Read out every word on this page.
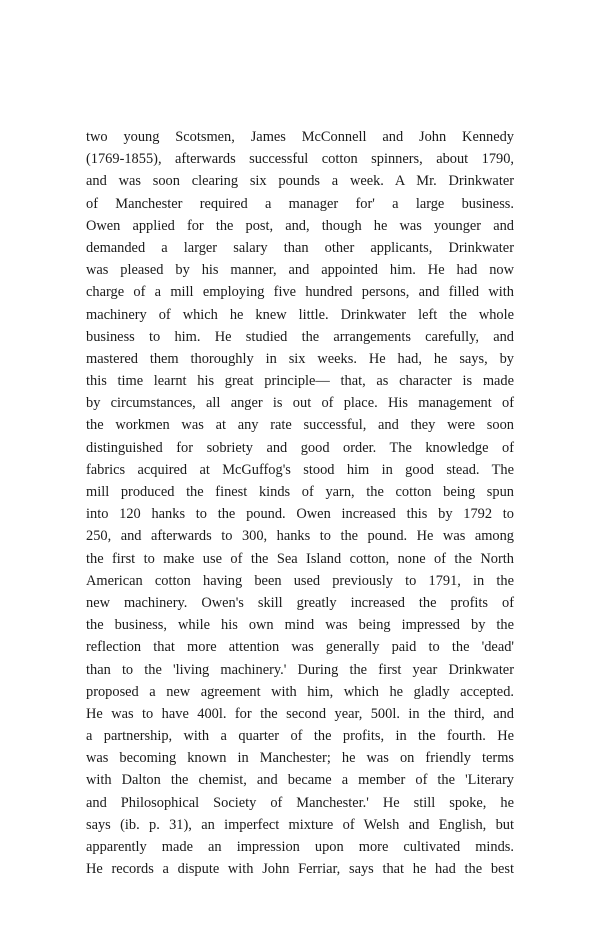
two young Scotsmen, James McConnell and John Kennedy
(1769-1855), afterwards successful cotton spinners, about 1790,
and was soon clearing six pounds a week. A Mr. Drinkwater
of Manchester required a manager for' a large business.
Owen applied for the post, and, though he was younger and
demanded a larger salary than other applicants, Drinkwater
was pleased by his manner, and appointed him. He had now
charge of a mill employing five hundred persons, and filled with
machinery of which he knew little. Drinkwater left the whole
business to him. He studied the arrangements carefully, and
mastered them thoroughly in six weeks. He had, he says, by
this time learnt his great principle— that, as character is made
by circumstances, all anger is out of place. His management of
the workmen was at any rate successful, and they were soon
distinguished for sobriety and good order. The knowledge of
fabrics acquired at McGuffog's stood him in good stead. The
mill produced the finest kinds of yarn, the cotton being spun
into 120 hanks to the pound. Owen increased this by 1792 to
250, and afterwards to 300, hanks to the pound. He was among
the first to make use of the Sea Island cotton, none of the North
American cotton having been used previously to 1791, in the
new machinery. Owen's skill greatly increased the profits of
the business, while his own mind was being impressed by the
reflection that more attention was generally paid to the 'dead'
than to the 'living machinery.' During the first year Drinkwater
proposed a new agreement with him, which he gladly accepted.
He was to have 400l. for the second year, 500l. in the third, and
a partnership, with a quarter of the profits, in the fourth. He
was becoming known in Manchester; he was on friendly terms
with Dalton the chemist, and became a member of the 'Literary
and Philosophical Society of Manchester.' He still spoke, he
says (ib. p. 31), an imperfect mixture of Welsh and English, but
apparently made an impression upon more cultivated minds.
He records a dispute with John Ferriar, says that he had the best
